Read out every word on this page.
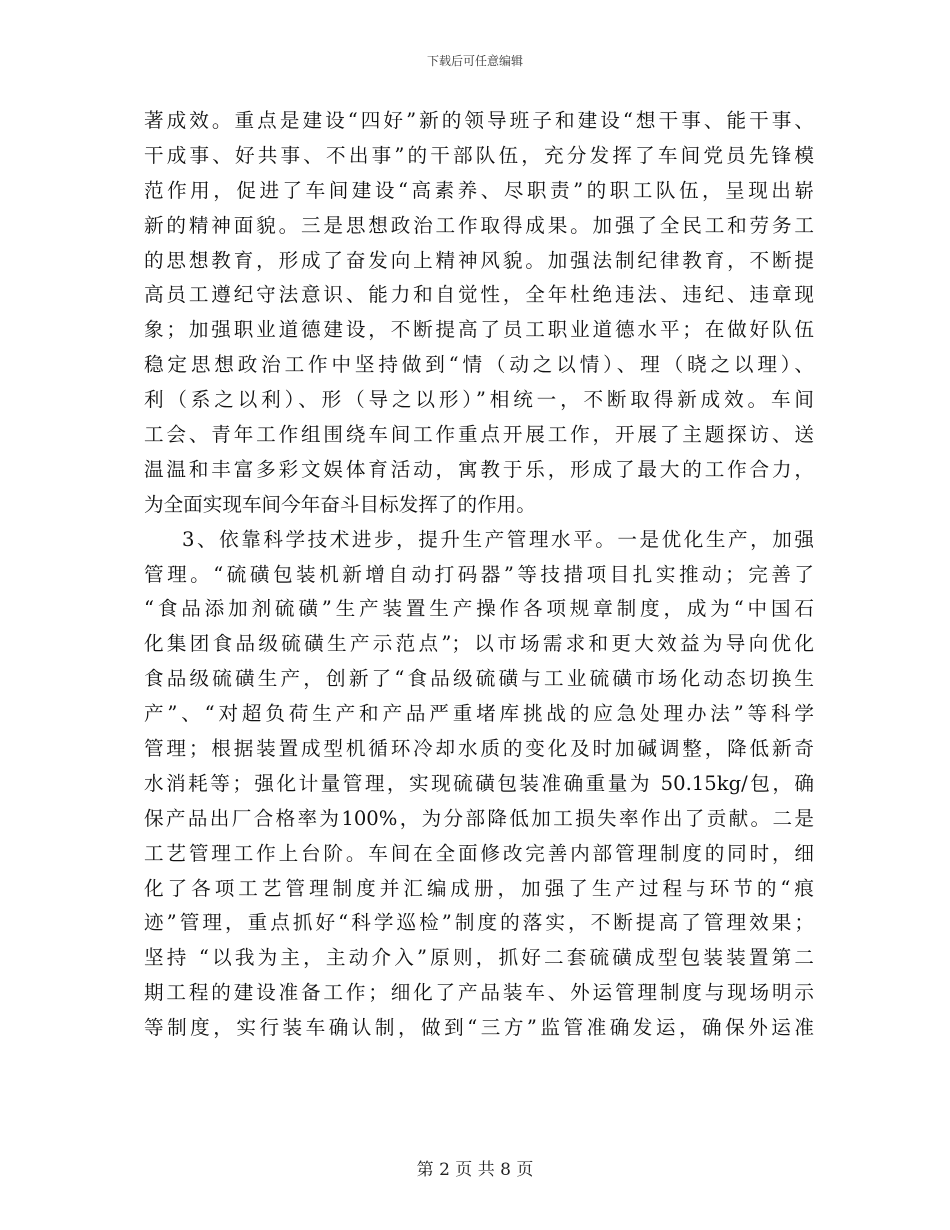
下载后可任意编辑
著成效。重点是建设“四好”新的领导班子和建设“想干事、能干事、
干成事、好共事、不出事”的干部队伍，充分发挥了车间党员先锋模
范作用，促进了车间建设“高素养、尽职责”的职工队伍，呈现出崭
新的精神面貌。三是思想政治工作取得成果。加强了全民工和劳务工
的思想教育，形成了奋发向上精神风貌。加强法制纪律教育，不断提
高员工遵纪守法意识、能力和自觉性，全年杜绝违法、违纪、违章现
象；加强职业道德建设，不断提高了员工职业道德水平；在做好队伍
稳定思想政治工作中坚持做到“情（动之以情）、理（晓之以理）、
利（系之以利）、形（导之以形）”相统一，不断取得新成效。车间
工会、青年工作组围绕车间工作重点开展工作，开展了主题探访、送
温温和丰富多彩文娱体育活动，寓教于乐，形成了最大的工作合力，
为全面实现车间今年奋斗目标发挥了的作用。
3、依靠科学技术进步，提升生产管理水平。一是优化生产，加强
管理。“硫磺包装机新增自动打码器”等技措项目扎实推动；完善了
“食品添加剂硫磺”生产装置生产操作各项规章制度，成为“中国石
化集团食品级硫磺生产示范点”；以市场需求和更大效益为导向优化
食品级硫磺生产，创新了“食品级硫磺与工业硫磺市场化动态切换生
产”、“对超负荷生产和产品严重堵库挑战的应急处理办法”等科学
管理；根据装置成型机循环冷却水质的变化及时加碱调整，降低新奇
水消耗等；强化计量管理，实现硫磺包装准确重量为 50.15kg/包，确
保产品出厂合格率为100%，为分部降低加工损失率作出了贡献。二是
工艺管理工作上台阶。车间在全面修改完善内部管理制度的同时，细
化了各项工艺管理制度并汇编成册，加强了生产过程与环节的“痕
迹”管理，重点抓好“科学巡检”制度的落实，不断提高了管理效果；
坚持 “以我为主，主动介入”原则，抓好二套硫磺成型包装装置第二
期工程的建设准备工作；细化了产品装车、外运管理制度与现场明示
等制度，实行装车确认制，做到“三方”监管准确发运，确保外运准
第 2 页 共 8 页
